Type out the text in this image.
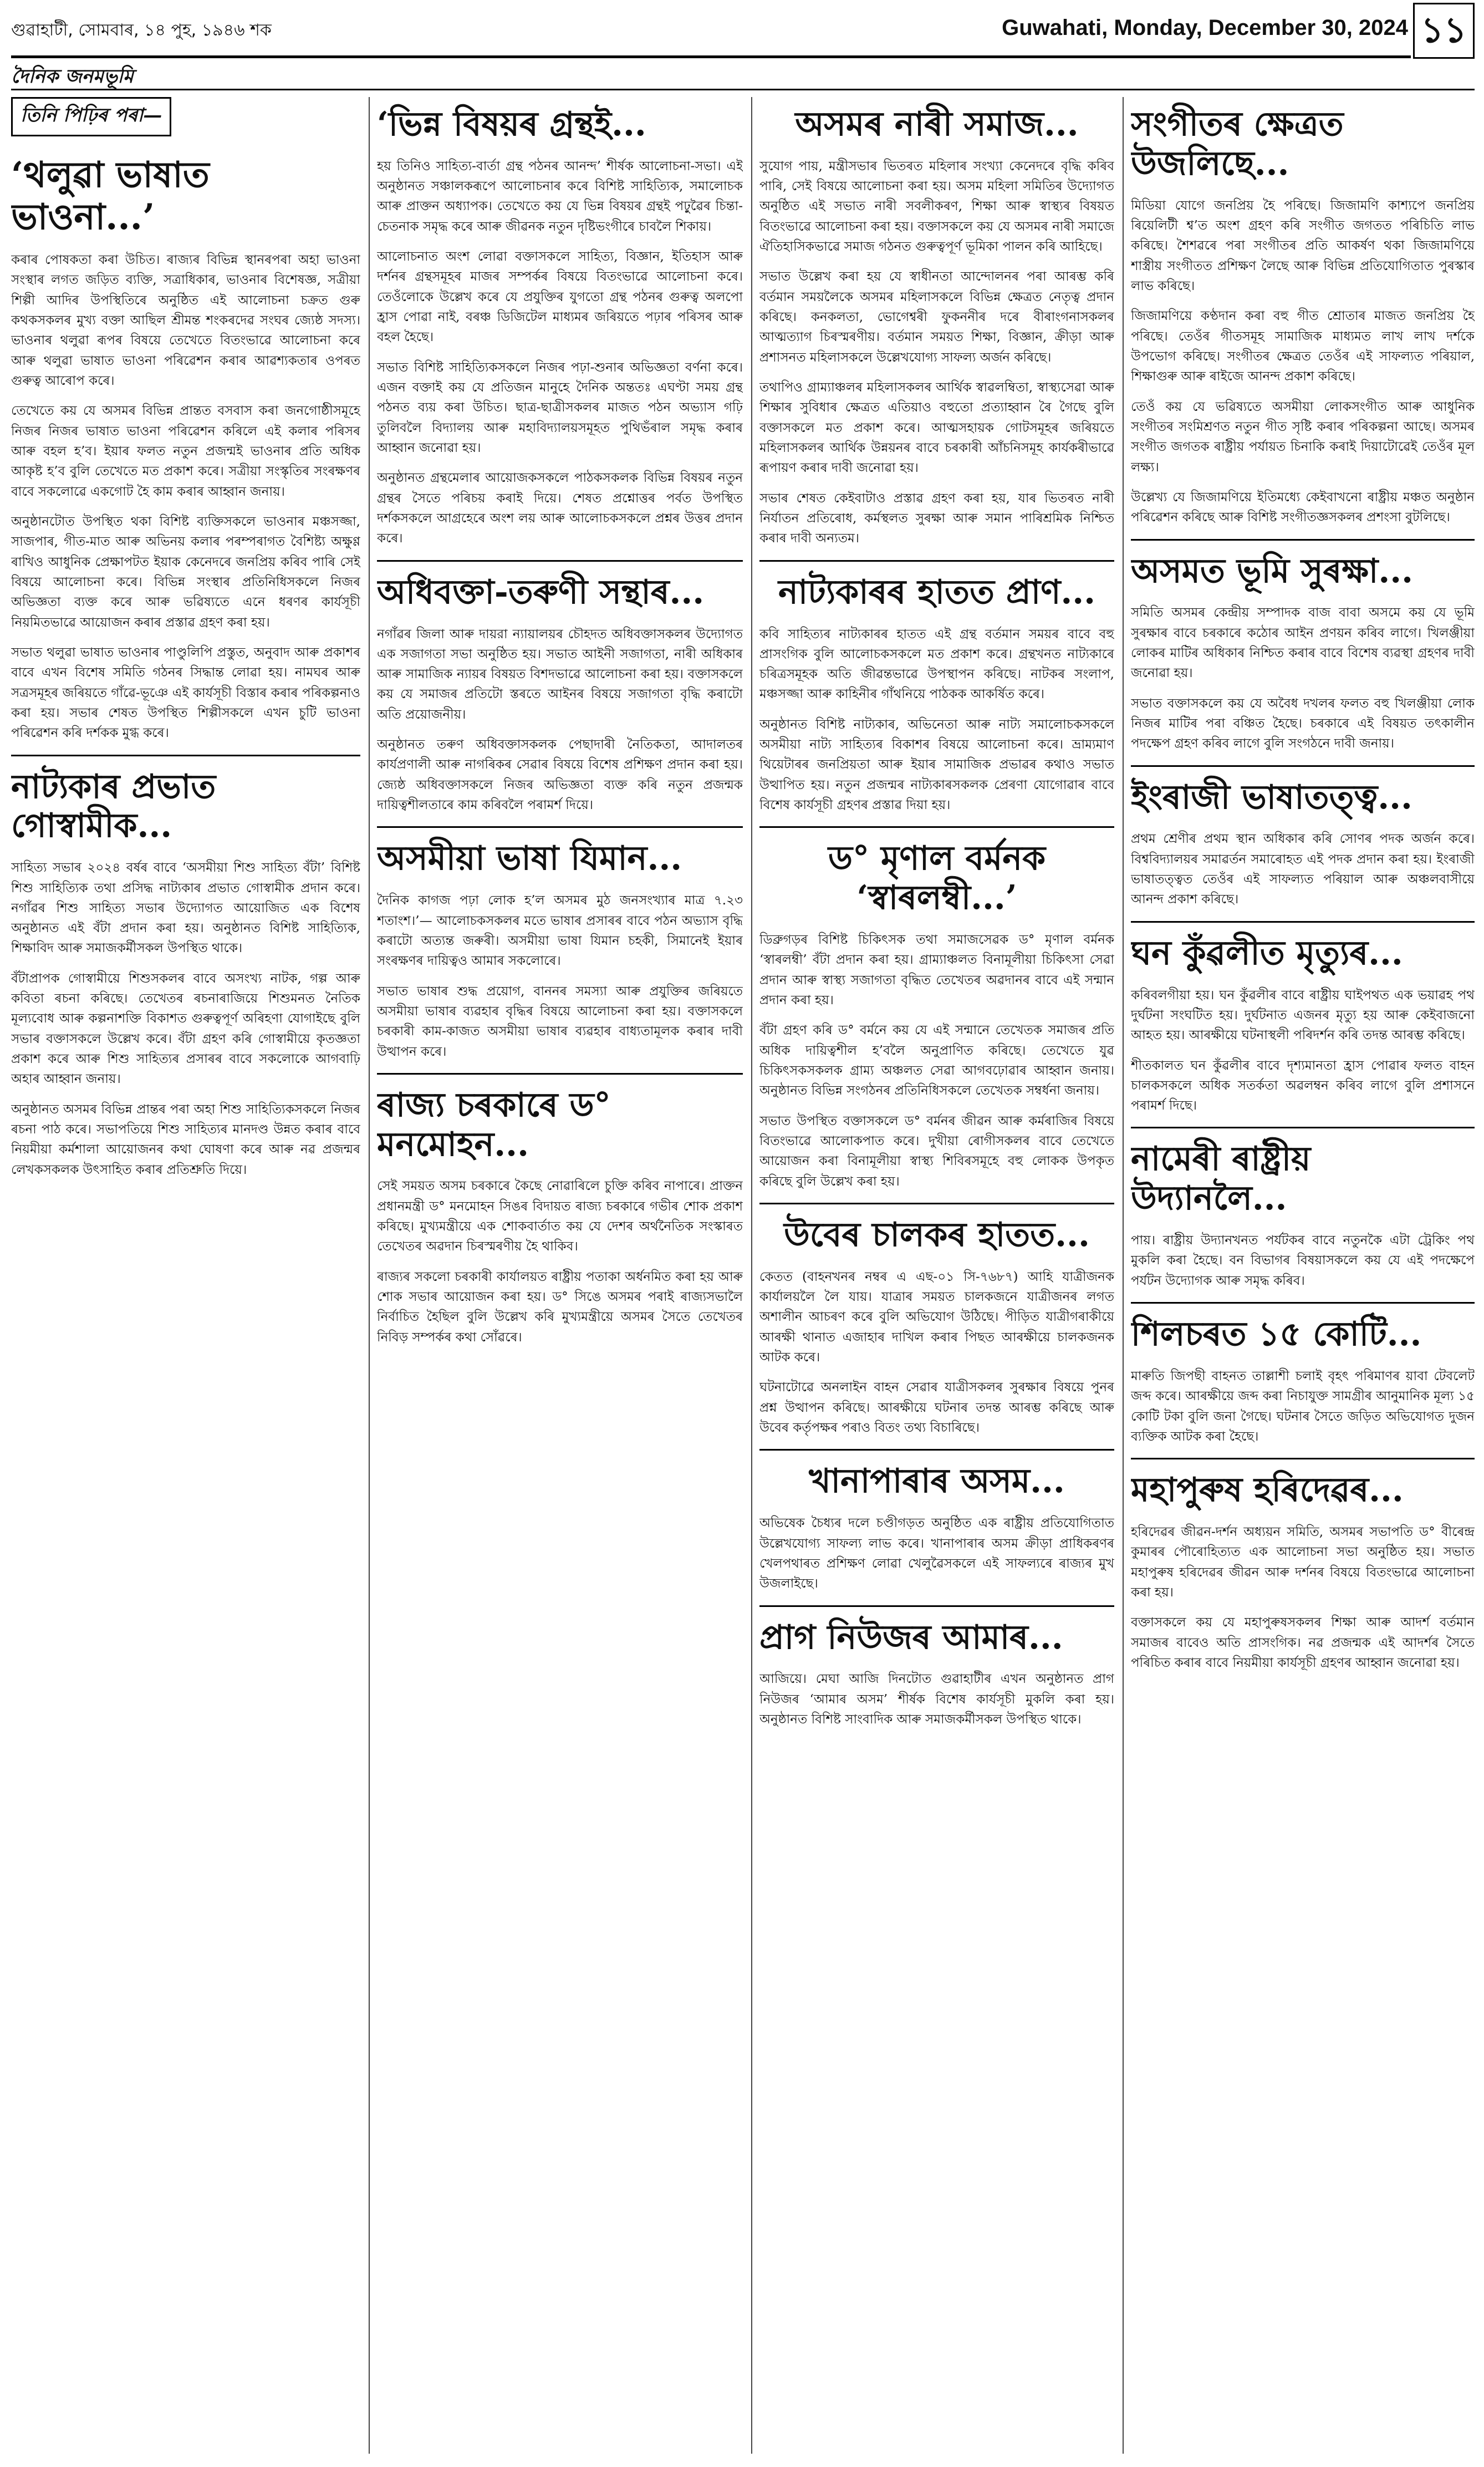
গুৱাহাটী, সোমবাৰ, ১৪ পুহ, ১৯৪৬ শক	Guwahati, Monday, December 30, 2024 ১১
দৈনিক জনমভূমি
তিনি পিঢ়িৰ পৰা—
‘থলুৱা ভাষাত ভাওনা...’

কৰাৰ পোষকতা কৰা উচিত। ৰাজ্যৰ বিভিন্ন স্থানৰপৰা অহা ভাওনা সংস্থাৰ লগত জড়িত ব্যক্তি, সত্ৰাধিকাৰ, ভাওনাৰ বিশেষজ্ঞ, সত্ৰীয়া শিল্পী আদিৰ উপস্থিতিৰে অনুষ্ঠিত এই আলোচনা চক্ৰত গুৰু কথকসকলৰ মুখ্য বক্তা আছিল শ্ৰীমন্ত শংকৰদেৱ সংঘৰ জ্যেষ্ঠ সদস্য। ভাওনাৰ থলুৱা ৰূপৰ বিষয়ে তেখেতে বিতংভাৱে আলোচনা কৰে আৰু থলুৱা ভাষাত ভাওনা পৰিৱেশন কৰাৰ আৱশ্যকতাৰ ওপৰত গুৰুত্ব আৰোপ কৰে।

তেখেতে কয় যে অসমৰ বিভিন্ন প্ৰান্তত বসবাস কৰা জনগোষ্ঠীসমূহে নিজৰ নিজৰ ভাষাত ভাওনা পৰিৱেশন কৰিলে এই কলাৰ পৰিসৰ আৰু বহল হ’ব। ইয়াৰ ফলত নতুন প্ৰজন্মই ভাওনাৰ প্ৰতি অধিক আকৃষ্ট হ’ব বুলি তেখেতে মত প্ৰকাশ কৰে। সত্ৰীয়া সংস্কৃতিৰ সংৰক্ষণৰ বাবে সকলোৱে একগোট হৈ কাম কৰাৰ আহ্বান জনায়।

অনুষ্ঠানটোত উপস্থিত থকা বিশিষ্ট ব্যক্তিসকলে ভাওনাৰ মঞ্চসজ্জা, সাজপাৰ, গীত-মাত আৰু অভিনয় কলাৰ পৰম্পৰাগত বৈশিষ্ট্য অক্ষুণ্ণ ৰাখিও আধুনিক প্ৰেক্ষাপটত ইয়াক কেনেদৰে জনপ্ৰিয় কৰিব পাৰি সেই বিষয়ে আলোচনা কৰে। বিভিন্ন সংস্থাৰ প্ৰতিনিধিসকলে নিজৰ অভিজ্ঞতা ব্যক্ত কৰে আৰু ভৱিষ্যতে এনে ধৰণৰ কাৰ্যসূচী নিয়মিতভাৱে আয়োজন কৰাৰ প্ৰস্তাৱ গ্ৰহণ কৰা হয়।

সভাত থলুৱা ভাষাত ভাওনাৰ পাণ্ডুলিপি প্ৰস্তুত, অনুবাদ আৰু প্ৰকাশৰ বাবে এখন বিশেষ সমিতি গঠনৰ সিদ্ধান্ত লোৱা হয়। নামঘৰ আৰু সত্ৰসমূহৰ জৰিয়তে গাঁৱে-ভূঞে এই কাৰ্যসূচী বিস্তাৰ কৰাৰ পৰিকল্পনাও কৰা হয়। সভাৰ শেষত উপস্থিত শিল্পীসকলে এখন চুটি ভাওনা পৰিৱেশন কৰি দৰ্শকক মুগ্ধ কৰে।

নাট্যকাৰ প্ৰভাত গোস্বামীক...

সাহিত্য সভাৰ ২০২৪ বৰ্ষৰ বাবে ‘অসমীয়া শিশু সাহিত্য বঁটা’ বিশিষ্ট শিশু সাহিত্যিক তথা প্ৰসিদ্ধ নাট্যকাৰ প্ৰভাত গোস্বামীক প্ৰদান কৰে। নগাঁৱৰ শিশু সাহিত্য সভাৰ উদ্যোগত আয়োজিত এক বিশেষ অনুষ্ঠানত এই বঁটা প্ৰদান কৰা হয়। অনুষ্ঠানত বিশিষ্ট সাহিত্যিক, শিক্ষাবিদ আৰু সমাজকৰ্মীসকল উপস্থিত থাকে।

বঁটাপ্ৰাপক গোস্বামীয়ে শিশুসকলৰ বাবে অসংখ্য নাটক, গল্প আৰু কবিতা ৰচনা কৰিছে। তেখেতৰ ৰচনাৰাজিয়ে শিশুমনত নৈতিক মূল্যবোধ আৰু কল্পনাশক্তি বিকাশত গুৰুত্বপূৰ্ণ অৰিহণা যোগাইছে বুলি সভাৰ বক্তাসকলে উল্লেখ কৰে। বঁটা গ্ৰহণ কৰি গোস্বামীয়ে কৃতজ্ঞতা প্ৰকাশ কৰে আৰু শিশু সাহিত্যৰ প্ৰসাৰৰ বাবে সকলোকে আগবাঢ়ি অহাৰ আহ্বান জনায়।

অনুষ্ঠানত অসমৰ বিভিন্ন প্ৰান্তৰ পৰা অহা শিশু সাহিত্যিকসকলে নিজৰ ৰচনা পাঠ কৰে। সভাপতিয়ে শিশু সাহিত্যৰ মানদণ্ড উন্নত কৰাৰ বাবে নিয়মীয়া কৰ্মশালা আয়োজনৰ কথা ঘোষণা কৰে আৰু নৱ প্ৰজন্মৰ লেখকসকলক উৎসাহিত কৰাৰ প্ৰতিশ্ৰুতি দিয়ে।

‘ভিন্ন বিষয়ৰ গ্ৰন্থই...

হয় তিনিও সাহিত্য-বাৰ্তা গ্ৰন্থ পঠনৰ আনন্দ’ শীৰ্ষক আলোচনা-সভা। এই অনুষ্ঠানত সঞ্চালকৰূপে আলোচনাৰ কৰে বিশিষ্ট সাহিত্যিক, সমালোচক আৰু প্ৰাক্তন অধ্যাপক। তেখেতে কয় যে ভিন্ন বিষয়ৰ গ্ৰন্থই পঢ়ুৱৈৰ চিন্তা-চেতনাক সমৃদ্ধ কৰে আৰু জীৱনক নতুন দৃষ্টিভংগীৰে চাবলৈ শিকায়।

আলোচনাত অংশ লোৱা বক্তাসকলে সাহিত্য, বিজ্ঞান, ইতিহাস আৰু দৰ্শনৰ গ্ৰন্থসমূহৰ মাজৰ সম্পৰ্কৰ বিষয়ে বিতংভাৱে আলোচনা কৰে। তেওঁলোকে উল্লেখ কৰে যে প্ৰযুক্তিৰ যুগতো গ্ৰন্থ পঠনৰ গুৰুত্ব অলপো হ্ৰাস পোৱা নাই, বৰঞ্চ ডিজিটেল মাধ্যমৰ জৰিয়তে পঢ়াৰ পৰিসৰ আৰু বহল হৈছে।

সভাত বিশিষ্ট সাহিত্যিকসকলে নিজৰ পঢ়া-শুনাৰ অভিজ্ঞতা বৰ্ণনা কৰে। এজন বক্তাই কয় যে প্ৰতিজন মানুহে দৈনিক অন্ততঃ এঘণ্টা সময় গ্ৰন্থ পঠনত ব্যয় কৰা উচিত। ছাত্ৰ-ছাত্ৰীসকলৰ মাজত পঠন অভ্যাস গঢ়ি তুলিবলৈ বিদ্যালয় আৰু মহাবিদ্যালয়সমূহত পুথিভঁৰাল সমৃদ্ধ কৰাৰ আহ্বান জনোৱা হয়।

অনুষ্ঠানত গ্ৰন্থমেলাৰ আয়োজকসকলে পাঠকসকলক বিভিন্ন বিষয়ৰ নতুন গ্ৰন্থৰ সৈতে পৰিচয় কৰাই দিয়ে। শেষত প্ৰশ্নোত্তৰ পৰ্বত উপস্থিত দৰ্শকসকলে আগ্ৰহেৰে অংশ লয় আৰু আলোচকসকলে প্ৰশ্নৰ উত্তৰ প্ৰদান কৰে।

অধিবক্তা-তৰুণী সন্থাৰ...

নগাঁৱৰ জিলা আৰু দায়রা ন্যায়ালয়ৰ চৌহদত অধিবক্তাসকলৰ উদ্যোগত এক সজাগতা সভা অনুষ্ঠিত হয়। সভাত আইনী সজাগতা, নাৰী অধিকাৰ আৰু সামাজিক ন্যায়ৰ বিষয়ত বিশদভাৱে আলোচনা কৰা হয়। বক্তাসকলে কয় যে সমাজৰ প্ৰতিটো স্তৰতে আইনৰ বিষয়ে সজাগতা বৃদ্ধি কৰাটো অতি প্ৰয়োজনীয়।

অনুষ্ঠানত তৰুণ অধিবক্তাসকলক পেছাদাৰী নৈতিকতা, আদালতৰ কাৰ্যপ্ৰণালী আৰু নাগৰিকৰ সেৱাৰ বিষয়ে বিশেষ প্ৰশিক্ষণ প্ৰদান কৰা হয়। জ্যেষ্ঠ অধিবক্তাসকলে নিজৰ অভিজ্ঞতা ব্যক্ত কৰি নতুন প্ৰজন্মক দায়িত্বশীলতাৰে কাম কৰিবলৈ পৰামৰ্শ দিয়ে।

অসমীয়া ভাষা যিমান...

দৈনিক কাগজ পঢ়া লোক হ’ল অসমৰ মুঠ জনসংখ্যাৰ মাত্ৰ ৭.২৩ শতাংশ।’— আলোচকসকলৰ মতে ভাষাৰ প্ৰসাৰৰ বাবে পঠন অভ্যাস বৃদ্ধি কৰাটো অত্যন্ত জৰুৰী। অসমীয়া ভাষা যিমান চহকী, সিমানেই ইয়াৰ সংৰক্ষণৰ দায়িত্বও আমাৰ সকলোৰে।

সভাত ভাষাৰ শুদ্ধ প্ৰয়োগ, বাননৰ সমস্যা আৰু প্ৰযুক্তিৰ জৰিয়তে অসমীয়া ভাষাৰ ব্যৱহাৰ বৃদ্ধিৰ বিষয়ে আলোচনা কৰা হয়। বক্তাসকলে চৰকাৰী কাম-কাজত অসমীয়া ভাষাৰ ব্যৱহাৰ বাধ্যতামূলক কৰাৰ দাবী উত্থাপন কৰে।

ৰাজ্য চৰকাৰে ড° মনমোহন...

সেই সময়ত অসম চৰকাৰে কৈছে নোৱাৰিলে চুক্তি কৰিব নাপাৰে। প্ৰাক্তন প্ৰধানমন্ত্ৰী ড° মনমোহন সিঙৰ বিদায়ত ৰাজ্য চৰকাৰে গভীৰ শোক প্ৰকাশ কৰিছে। মুখ্যমন্ত্ৰীয়ে এক শোকবাৰ্তাত কয় যে দেশৰ অৰ্থনৈতিক সংস্কাৰত তেখেতৰ অৱদান চিৰস্মৰণীয় হৈ থাকিব।

ৰাজ্যৰ সকলো চৰকাৰী কাৰ্যালয়ত ৰাষ্ট্ৰীয় পতাকা অৰ্ধনমিত কৰা হয় আৰু শোক সভাৰ আয়োজন কৰা হয়। ড° সিঙে অসমৰ পৰাই ৰাজ্যসভালৈ নিৰ্বাচিত হৈছিল বুলি উল্লেখ কৰি মুখ্যমন্ত্ৰীয়ে অসমৰ সৈতে তেখেতৰ নিবিড় সম্পৰ্কৰ কথা সোঁৱৰে।

অসমৰ নাৰী সমাজ...

সুযোগ পায়, মন্ত্ৰীসভাৰ ভিতৰত মহিলাৰ সংখ্যা কেনেদৰে বৃদ্ধি কৰিব পাৰি, সেই বিষয়ে আলোচনা কৰা হয়। অসম মহিলা সমিতিৰ উদ্যোগত অনুষ্ঠিত এই সভাত নাৰী সবলীকৰণ, শিক্ষা আৰু স্বাস্থ্যৰ বিষয়ত বিতংভাৱে আলোচনা কৰা হয়। বক্তাসকলে কয় যে অসমৰ নাৰী সমাজে ঐতিহাসিকভাৱে সমাজ গঠনত গুৰুত্বপূৰ্ণ ভূমিকা পালন কৰি আহিছে।

সভাত উল্লেখ কৰা হয় যে স্বাধীনতা আন্দোলনৰ পৰা আৰম্ভ কৰি বৰ্তমান সময়লৈকে অসমৰ মহিলাসকলে বিভিন্ন ক্ষেত্ৰত নেতৃত্ব প্ৰদান কৰিছে। কনকলতা, ভোগেশ্বৰী ফুকননীৰ দৰে বীৰাংগনাসকলৰ আত্মত্যাগ চিৰস্মৰণীয়। বৰ্তমান সময়ত শিক্ষা, বিজ্ঞান, ক্ৰীড়া আৰু প্ৰশাসনত মহিলাসকলে উল্লেখযোগ্য সাফল্য অৰ্জন কৰিছে।

তথাপিও গ্ৰাম্যাঞ্চলৰ মহিলাসকলৰ আৰ্থিক স্বাৱলম্বিতা, স্বাস্থ্যসেৱা আৰু শিক্ষাৰ সুবিধাৰ ক্ষেত্ৰত এতিয়াও বহুতো প্ৰত্যাহ্বান ৰৈ গৈছে বুলি বক্তাসকলে মত প্ৰকাশ কৰে। আত্মসহায়ক গোটসমূহৰ জৰিয়তে মহিলাসকলৰ আৰ্থিক উন্নয়নৰ বাবে চৰকাৰী আঁচনিসমূহ কাৰ্যকৰীভাৱে ৰূপায়ণ কৰাৰ দাবী জনোৱা হয়।

সভাৰ শেষত কেইবাটাও প্ৰস্তাৱ গ্ৰহণ কৰা হয়, যাৰ ভিতৰত নাৰী নিৰ্যাতন প্ৰতিৰোধ, কৰ্মস্থলত সুৰক্ষা আৰু সমান পাৰিশ্ৰমিক নিশ্চিত কৰাৰ দাবী অন্যতম।

নাট্যকাৰৰ হাতত প্ৰাণ...

কবি সাহিত্যৰ নাট্যকাৰৰ হাতত এই গ্ৰন্থ বৰ্তমান সময়ৰ বাবে বহু প্ৰাসংগিক বুলি আলোচকসকলে মত প্ৰকাশ কৰে। গ্ৰন্থখনত নাট্যকাৰে চৰিত্ৰসমূহক অতি জীৱন্তভাৱে উপস্থাপন কৰিছে। নাটকৰ সংলাপ, মঞ্চসজ্জা আৰু কাহিনীৰ গাঁথনিয়ে পাঠকক আকৰ্ষিত কৰে।

অনুষ্ঠানত বিশিষ্ট নাট্যকাৰ, অভিনেতা আৰু নাট্য সমালোচকসকলে অসমীয়া নাট্য সাহিত্যৰ বিকাশৰ বিষয়ে আলোচনা কৰে। ভ্ৰাম্যমাণ থিয়েটাৰৰ জনপ্ৰিয়তা আৰু ইয়াৰ সামাজিক প্ৰভাৱৰ কথাও সভাত উত্থাপিত হয়। নতুন প্ৰজন্মৰ নাট্যকাৰসকলক প্ৰেৰণা যোগোৱাৰ বাবে বিশেষ কাৰ্যসূচী গ্ৰহণৰ প্ৰস্তাৱ দিয়া হয়।

ড° মৃণাল বৰ্মনক ‘স্বাৰলম্বী...’

ডিব্ৰুগড়ৰ বিশিষ্ট চিকিৎসক তথা সমাজসেৱক ড° মৃণাল বৰ্মনক ‘স্বাৰলম্বী’ বঁটা প্ৰদান কৰা হয়। গ্ৰাম্যাঞ্চলত বিনামূলীয়া চিকিৎসা সেৱা প্ৰদান আৰু স্বাস্থ্য সজাগতা বৃদ্ধিত তেখেতৰ অৱদানৰ বাবে এই সন্মান প্ৰদান কৰা হয়।

বঁটা গ্ৰহণ কৰি ড° বৰ্মনে কয় যে এই সন্মানে তেখেতক সমাজৰ প্ৰতি অধিক দায়িত্বশীল হ’বলৈ অনুপ্ৰাণিত কৰিছে। তেখেতে যুৱ চিকিৎসকসকলক গ্ৰাম্য অঞ্চলত সেৱা আগবঢ়োৱাৰ আহ্বান জনায়। অনুষ্ঠানত বিভিন্ন সংগঠনৰ প্ৰতিনিধিসকলে তেখেতক সম্বৰ্ধনা জনায়।

সভাত উপস্থিত বক্তাসকলে ড° বৰ্মনৰ জীৱন আৰু কৰ্মৰাজিৰ বিষয়ে বিতংভাৱে আলোকপাত কৰে। দুখীয়া ৰোগীসকলৰ বাবে তেখেতে আয়োজন কৰা বিনামূলীয়া স্বাস্থ্য শিবিৰসমূহে বহু লোকক উপকৃত কৰিছে বুলি উল্লেখ কৰা হয়।

উবেৰ চালকৰ হাতত...

কেতত (বাহনখনৰ নম্বৰ এ এছ-০১ সি-৭৬৮৭) আহি যাত্ৰীজনক কাৰ্যালয়লৈ লৈ যায়। যাত্ৰাৰ সময়ত চালকজনে যাত্ৰীজনৰ লগত অশালীন আচৰণ কৰে বুলি অভিযোগ উঠিছে। পীড়িত যাত্ৰীগৰাকীয়ে আৰক্ষী থানাত এজাহাৰ দাখিল কৰাৰ পিছত আৰক্ষীয়ে চালকজনক আটক কৰে।

ঘটনাটোৱে অনলাইন বাহন সেৱাৰ যাত্ৰীসকলৰ সুৰক্ষাৰ বিষয়ে পুনৰ প্ৰশ্ন উত্থাপন কৰিছে। আৰক্ষীয়ে ঘটনাৰ তদন্ত আৰম্ভ কৰিছে আৰু উবেৰ কৰ্তৃপক্ষৰ পৰাও বিতং তথ্য বিচাৰিছে।

খানাপাৰাৰ অসম...

অভিষেক চৈধ্যৰ দলে চণ্ডীগড়ত অনুষ্ঠিত এক ৰাষ্ট্ৰীয় প্ৰতিযোগিতাত উল্লেখযোগ্য সাফল্য লাভ কৰে। খানাপাৰাৰ অসম ক্ৰীড়া প্ৰাধিকৰণৰ খেলপথাৰত প্ৰশিক্ষণ লোৱা খেলুৱৈসকলে এই সাফল্যৰে ৰাজ্যৰ মুখ উজলাইছে।

প্ৰাগ নিউজৰ আমাৰ...

আজিয়ে। মেঘা আজি দিনটোত গুৱাহাটীৰ এখন অনুষ্ঠানত প্ৰাগ নিউজৰ ‘আমাৰ অসম’ শীৰ্ষক বিশেষ কাৰ্যসূচী মুকলি কৰা হয়। অনুষ্ঠানত বিশিষ্ট সাংবাদিক আৰু সমাজকৰ্মীসকল উপস্থিত থাকে।

সংগীতৰ ক্ষেত্ৰত উজলিছে...

মিডিয়া যোগে জনপ্ৰিয় হৈ পৰিছে। জিজামণি কাশ্যপে জনপ্ৰিয় ৰিয়েলিটী শ্ব’ত অংশ গ্ৰহণ কৰি সংগীত জগতত পৰিচিতি লাভ কৰিছে। শৈশৱৰে পৰা সংগীতৰ প্ৰতি আকৰ্ষণ থকা জিজামণিয়ে শাস্ত্ৰীয় সংগীতত প্ৰশিক্ষণ লৈছে আৰু বিভিন্ন প্ৰতিযোগিতাত পুৰস্কাৰ লাভ কৰিছে।

জিজামণিয়ে কণ্ঠদান কৰা বহু গীত শ্ৰোতাৰ মাজত জনপ্ৰিয় হৈ পৰিছে। তেওঁৰ গীতসমূহ সামাজিক মাধ্যমত লাখ লাখ দৰ্শকে উপভোগ কৰিছে। সংগীতৰ ক্ষেত্ৰত তেওঁৰ এই সাফল্যত পৰিয়াল, শিক্ষাগুৰু আৰু ৰাইজে আনন্দ প্ৰকাশ কৰিছে।

তেওঁ কয় যে ভৱিষ্যতে অসমীয়া লোকসংগীত আৰু আধুনিক সংগীতৰ সংমিশ্ৰণত নতুন গীত সৃষ্টি কৰাৰ পৰিকল্পনা আছে। অসমৰ সংগীত জগতক ৰাষ্ট্ৰীয় পৰ্যায়ত চিনাকি কৰাই দিয়াটোৱেই তেওঁৰ মূল লক্ষ্য।

উল্লেখ্য যে জিজামণিয়ে ইতিমধ্যে কেইবাখনো ৰাষ্ট্ৰীয় মঞ্চত অনুষ্ঠান পৰিৱেশন কৰিছে আৰু বিশিষ্ট সংগীতজ্ঞসকলৰ প্ৰশংসা বুটলিছে।

অসমত ভূমি সুৰক্ষা...

সমিতি অসমৰ কেন্দ্ৰীয় সম্পাদক বাজ বাবা অসমে কয় যে ভূমি সুৰক্ষাৰ বাবে চৰকাৰে কঠোৰ আইন প্ৰণয়ন কৰিব লাগে। খিলঞ্জীয়া লোকৰ মাটিৰ অধিকাৰ নিশ্চিত কৰাৰ বাবে বিশেষ ব্যৱস্থা গ্ৰহণৰ দাবী জনোৱা হয়।

সভাত বক্তাসকলে কয় যে অবৈধ দখলৰ ফলত বহু খিলঞ্জীয়া লোক নিজৰ মাটিৰ পৰা বঞ্চিত হৈছে। চৰকাৰে এই বিষয়ত তৎকালীন পদক্ষেপ গ্ৰহণ কৰিব লাগে বুলি সংগঠনে দাবী জনায়।

ইংৰাজী ভাষাতত্ত্ব...

প্ৰথম শ্ৰেণীৰ প্ৰথম স্থান অধিকাৰ কৰি সোণৰ পদক অৰ্জন কৰে। বিশ্ববিদ্যালয়ৰ সমাৱৰ্তন সমাৰোহত এই পদক প্ৰদান কৰা হয়। ইংৰাজী ভাষাতত্ত্বত তেওঁৰ এই সাফল্যত পৰিয়াল আৰু অঞ্চলবাসীয়ে আনন্দ প্ৰকাশ কৰিছে।

ঘন কুঁৱলীত মৃত্যুৰ...

কৰিবলগীয়া হয়। ঘন কুঁৱলীৰ বাবে ৰাষ্ট্ৰীয় ঘাইপথত এক ভয়াৱহ পথ দুৰ্ঘটনা সংঘটিত হয়। দুৰ্ঘটনাত এজনৰ মৃত্যু হয় আৰু কেইবাজনো আহত হয়। আৰক্ষীয়ে ঘটনাস্থলী পৰিদৰ্শন কৰি তদন্ত আৰম্ভ কৰিছে।

শীতকালত ঘন কুঁৱলীৰ বাবে দৃশ্যমানতা হ্ৰাস পোৱাৰ ফলত বাহন চালকসকলে অধিক সতৰ্কতা অৱলম্বন কৰিব লাগে বুলি প্ৰশাসনে পৰামৰ্শ দিছে।

নামেৰী ৰাষ্ট্ৰীয় উদ্যানলৈ...

পায়। ৰাষ্ট্ৰীয় উদ্যানখনত পৰ্যটকৰ বাবে নতুনকৈ এটা ট্ৰেকিং পথ মুকলি কৰা হৈছে। বন বিভাগৰ বিষয়াসকলে কয় যে এই পদক্ষেপে পৰ্যটন উদ্যোগক আৰু সমৃদ্ধ কৰিব।

শিলচৰত ১৫ কোটি...

মাৰুতি জিপছী বাহনত তাল্লাশী চলাই বৃহৎ পৰিমাণৰ য়াবা টেবলেট জব্দ কৰে। আৰক্ষীয়ে জব্দ কৰা নিচাযুক্ত সামগ্ৰীৰ আনুমানিক মূল্য ১৫ কোটি টকা বুলি জনা গৈছে। ঘটনাৰ সৈতে জড়িত অভিযোগত দুজন ব্যক্তিক আটক কৰা হৈছে।

মহাপুৰুষ হৰিদেৱৰ...

হৰিদেৱৰ জীৱন-দৰ্শন অধ্যয়ন সমিতি, অসমৰ সভাপতি ড° বীৰেন্দ্ৰ কুমাৰৰ পৌৰোহিত্যত এক আলোচনা সভা অনুষ্ঠিত হয়। সভাত মহাপুৰুষ হৰিদেৱৰ জীৱন আৰু দৰ্শনৰ বিষয়ে বিতংভাৱে আলোচনা কৰা হয়।

বক্তাসকলে কয় যে মহাপুৰুষসকলৰ শিক্ষা আৰু আদৰ্শ বৰ্তমান সমাজৰ বাবেও অতি প্ৰাসংগিক। নৱ প্ৰজন্মক এই আদৰ্শৰ সৈতে পৰিচিত কৰাৰ বাবে নিয়মীয়া কাৰ্যসূচী গ্ৰহণৰ আহ্বান জনোৱা হয়।
